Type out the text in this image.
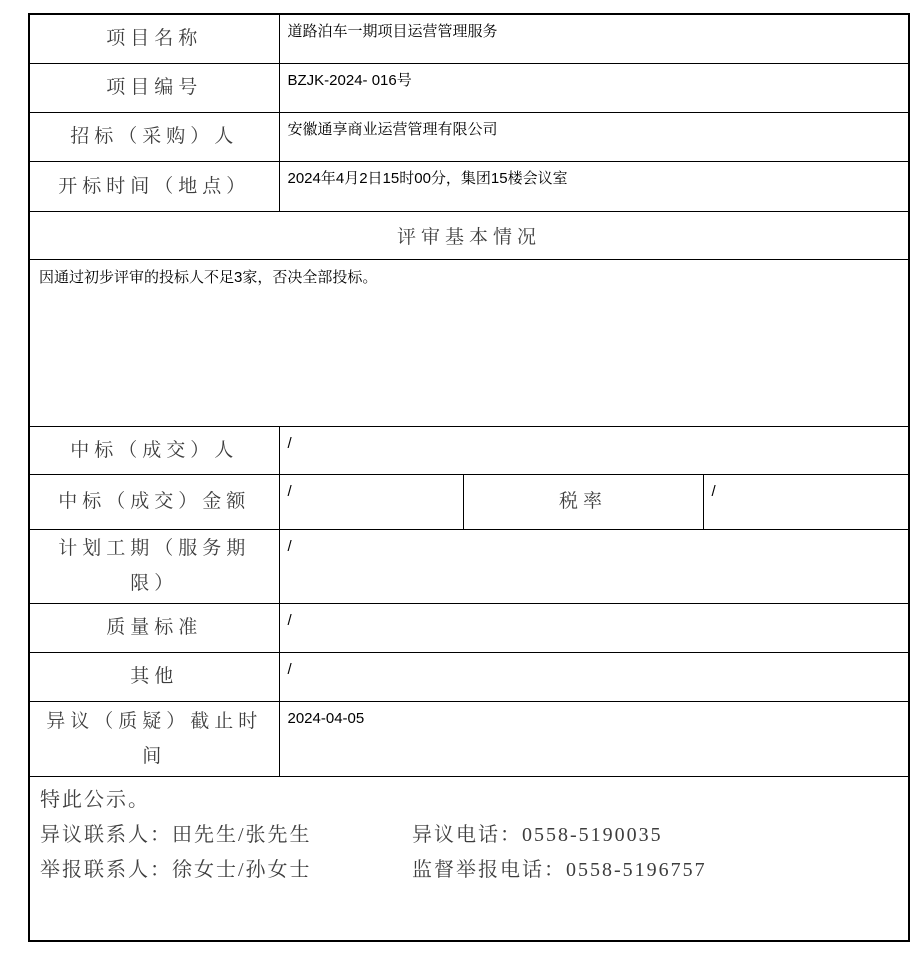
项目名称	道路泊车一期项目运营管理服务		
项目编号	BZJK-2024- 016号		
招标（采购）人	安徽通享商业运营管理有限公司		
开标时间（地点）	2024年4月2日15时00分，集团15楼会议室		
评审基本情况			
因通过初步评审的投标人不足3家，否决全部投标。			
中标（成交）人	/		
中标（成交）金额	/	税率	/
计划工期（服务期限）	/		
质量标准	/		
其他	/		
异议（质疑）截止时间	2024-04-05		

特此公示。
异议联系人：田先生/张先生 异议电话：0558-5190035
举报联系人：徐女士/孙女士 监督举报电话：0558-5196757			
